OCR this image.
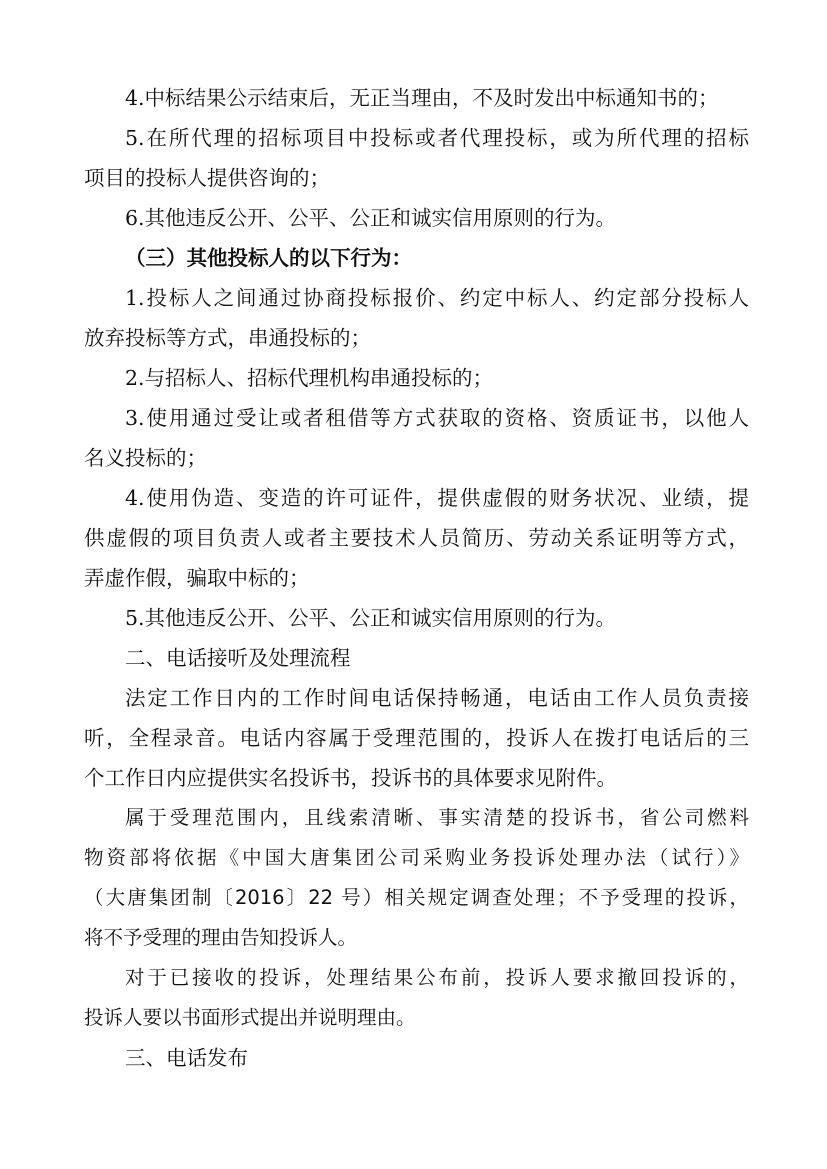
4.中标结果公示结束后，无正当理由，不及时发出中标通知书的；
5.在所代理的招标项目中投标或者代理投标，或为所代理的招标
项目的投标人提供咨询的；
6.其他违反公开、公平、公正和诚实信用原则的行为。
（三）其他投标人的以下行为：
1.投标人之间通过协商投标报价、约定中标人、约定部分投标人
放弃投标等方式，串通投标的；
2.与招标人、招标代理机构串通投标的；
3.使用通过受让或者租借等方式获取的资格、资质证书，以他人
名义投标的；
4.使用伪造、变造的许可证件，提供虚假的财务状况、业绩，提
供虚假的项目负责人或者主要技术人员简历、劳动关系证明等方式，
弄虚作假，骗取中标的；
5.其他违反公开、公平、公正和诚实信用原则的行为。
二、电话接听及处理流程
法定工作日内的工作时间电话保持畅通，电话由工作人员负责接
听，全程录音。电话内容属于受理范围的，投诉人在拨打电话后的三
个工作日内应提供实名投诉书，投诉书的具体要求见附件。
属于受理范围内，且线索清晰、事实清楚的投诉书，省公司燃料
物资部将依据《中国大唐集团公司采购业务投诉处理办法（试行）》
（大唐集团制〔2016〕22 号）相关规定调查处理；不予受理的投诉，
将不予受理的理由告知投诉人。
对于已接收的投诉，处理结果公布前，投诉人要求撤回投诉的，
投诉人要以书面形式提出并说明理由。
三、电话发布
